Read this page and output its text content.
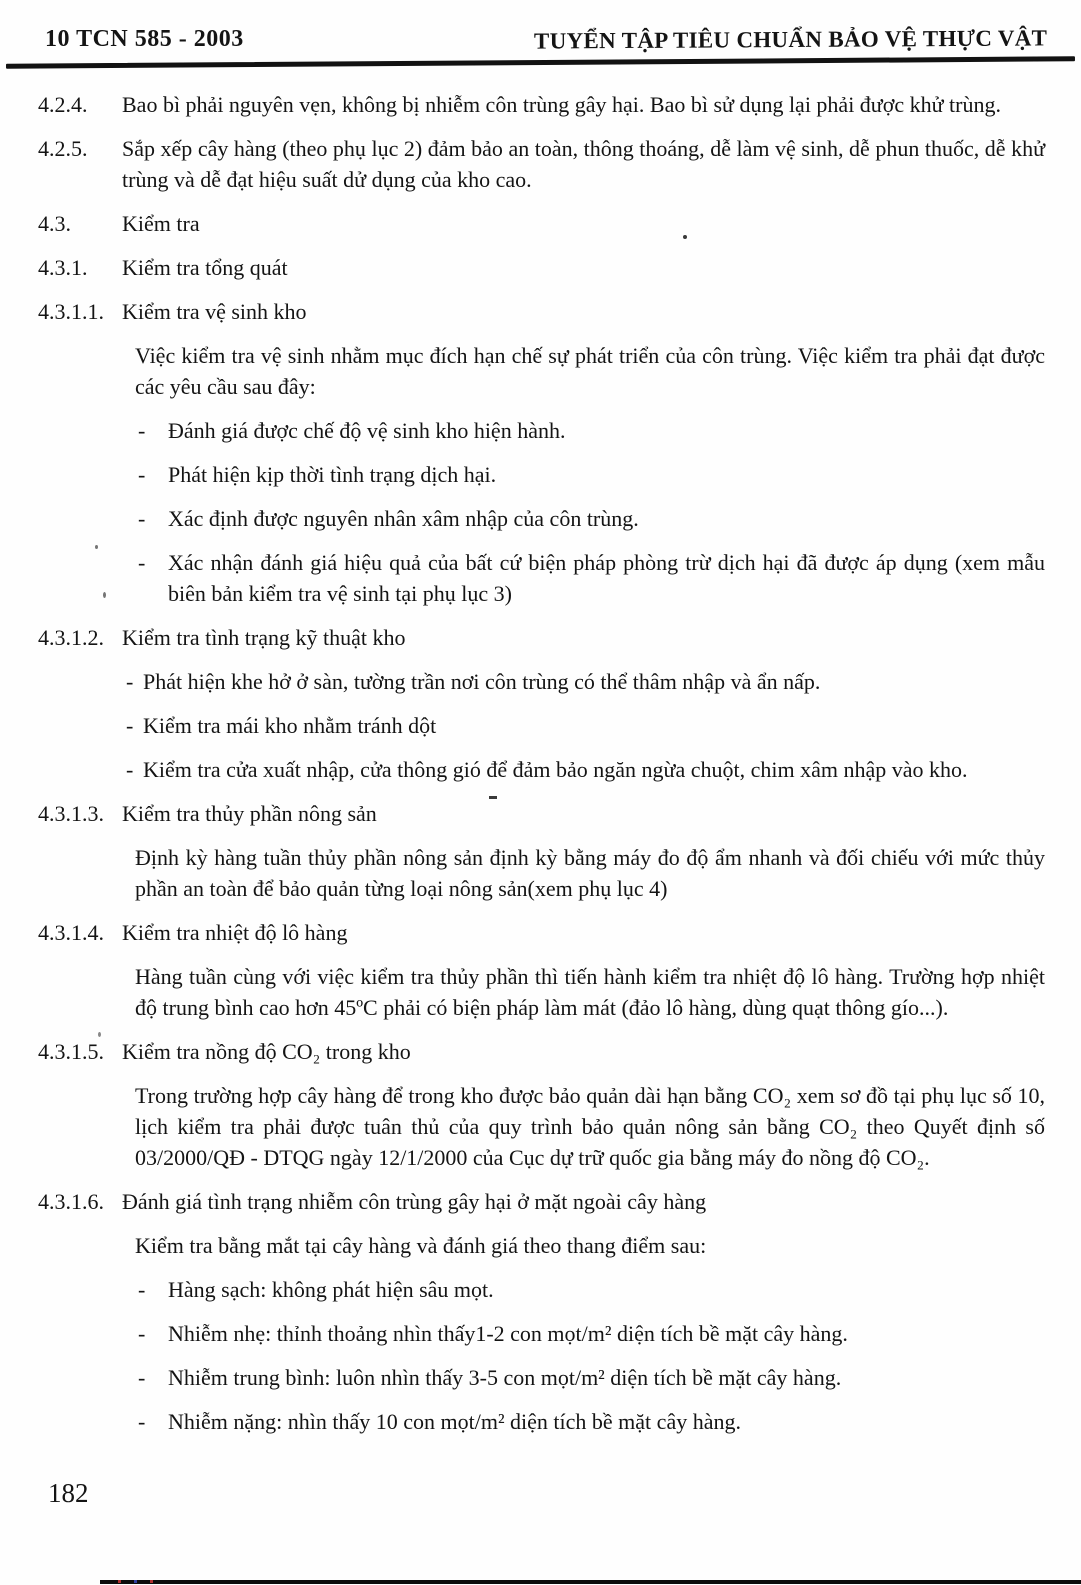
10 TCN 585 - 2003	TUYỂN TẬP TIÊU CHUẨN BẢO VỆ THỰC VẬT
4.2.4.	Bao bì phải nguyên vẹn, không bị nhiễm côn trùng gây hại. Bao bì sử dụng lại phải được khử trùng.
4.2.5.	Sắp xếp cây hàng (theo phụ lục 2) đảm bảo an toàn, thông thoáng, dễ làm vệ sinh, dễ phun thuốc, dễ khử trùng và dễ đạt hiệu suất dử dụng của kho cao.
4.3.	Kiểm tra
4.3.1.	Kiểm tra tổng quát
4.3.1.1. Kiểm tra vệ sinh kho

Việc kiểm tra vệ sinh nhằm mục đích hạn chế sự phát triển của côn trùng. Việc kiểm tra phải đạt được các yêu cầu sau đây:

-	Đánh giá được chế độ vệ sinh kho hiện hành.
-	Phát hiện kịp thời tình trạng dịch hại.
-	Xác định được nguyên nhân xâm nhập của côn trùng.
-	Xác nhận đánh giá hiệu quả của bất cứ biện pháp phòng trừ dịch hại đã được áp dụng (xem mẫu biên bản kiểm tra vệ sinh tại phụ lục 3)
4.3.1.2. Kiểm tra tình trạng kỹ thuật kho
- Phát hiện khe hở ở sàn, tường trần nơi côn trùng có thể thâm nhập và ẩn nấp.
- Kiểm tra mái kho nhằm tránh dột
- Kiểm tra cửa xuất nhập, cửa thông gió để đảm bảo ngăn ngừa chuột, chim xâm nhập vào kho.
4.3.1.3. Kiểm tra thủy phần nông sản

Định kỳ hàng tuần thủy phần nông sản định kỳ bằng máy đo độ ẩm nhanh và đối chiếu với mức thủy phần an toàn để bảo quản từng loại nông sản(xem phụ lục 4)

4.3.1.4. Kiểm tra nhiệt độ lô hàng

Hàng tuần cùng với việc kiểm tra thủy phần thì tiến hành kiểm tra nhiệt độ lô hàng. Trường hợp nhiệt độ trung bình cao hơn 45ºC phải có biện pháp làm mát (đảo lô hàng, dùng quạt thông gío...).

4.3.1.5. Kiểm tra nồng độ CO₂ trong kho

Trong trường hợp cây hàng để trong kho được bảo quản dài hạn bằng CO₂ xem sơ đồ tại phụ lục số 10, lịch kiểm tra phải được tuân thủ của quy trình bảo quản nông sản bằng CO₂ theo Quyết định số 03/2000/QĐ - DTQG ngày 12/1/2000 của Cục dự trữ quốc gia bằng máy đo nồng độ CO₂.

4.3.1.6. Đánh giá tình trạng nhiễm côn trùng gây hại ở mặt ngoài cây hàng

Kiểm tra bằng mắt tại cây hàng và đánh giá theo thang điểm sau:

-	Hàng sạch: không phát hiện sâu mọt.
-	Nhiễm nhẹ: thỉnh thoảng nhìn thấy1-2 con mọt/m² diện tích bề mặt cây hàng.
-	Nhiễm trung bình: luôn nhìn thấy 3-5 con mọt/m² diện tích bề mặt cây hàng.
-	Nhiễm nặng: nhìn thấy 10 con mọt/m² diện tích bề mặt cây hàng.
182
